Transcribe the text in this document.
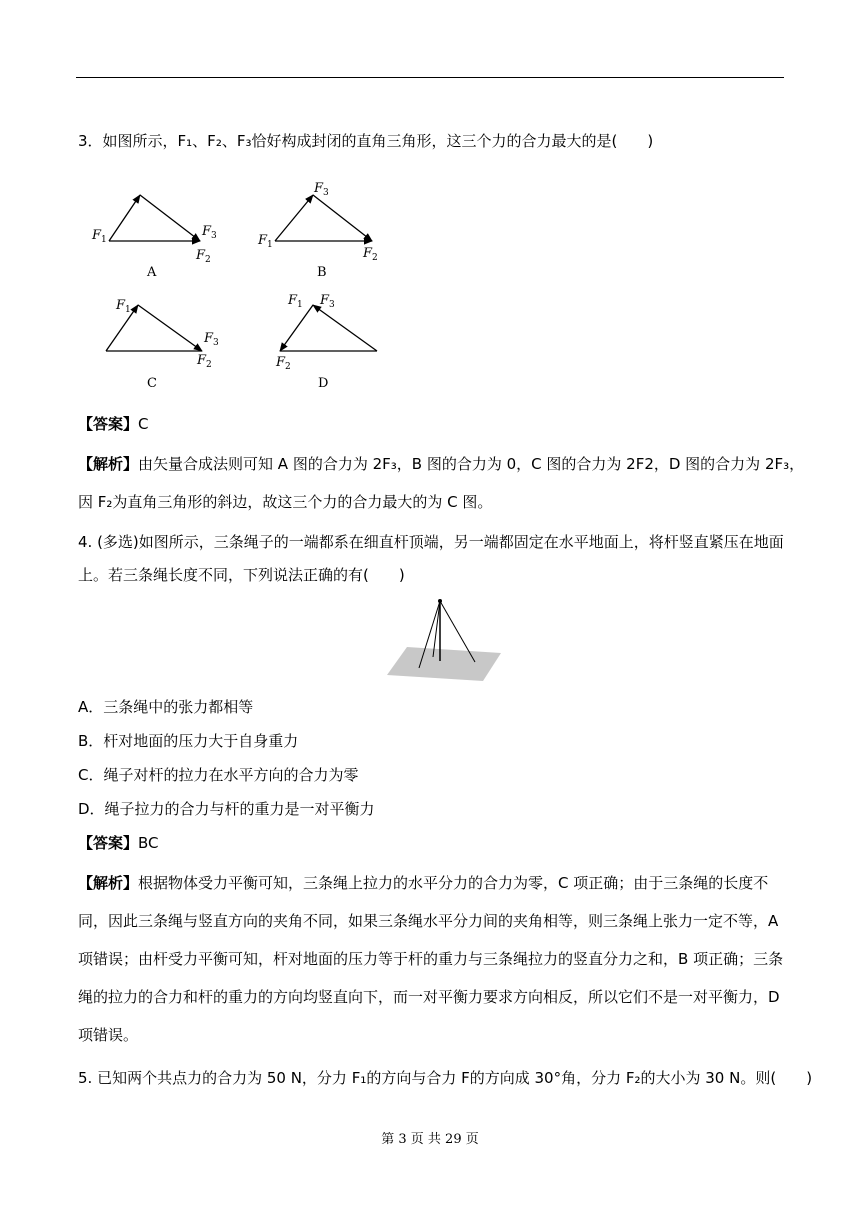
3．如图所示，F₁、F₂、F₃恰好构成封闭的直角三角形，这三个力的合力最大的是(　　)
$F_1$
$F_3$
$F_2$
A
$F_3$
$F_1$
$F_2$
B
$F_1$
$F_3$
$F_2$
C
$F_1$ $F_3$
$F_2$
D
【答案】C
【解析】由矢量合成法则可知 A 图的合力为 2F₃，B 图的合力为 0，C 图的合力为 2F2，D 图的合力为 2F₃，
因 F₂为直角三角形的斜边，故这三个力的合力最大的为 C 图。
4. (多选)如图所示，三条绳子的一端都系在细直杆顶端，另一端都固定在水平地面上，将杆竖直紧压在地面
上。若三条绳长度不同，下列说法正确的有(　　)
A．三条绳中的张力都相等
B．杆对地面的压力大于自身重力
C．绳子对杆的拉力在水平方向的合力为零
D．绳子拉力的合力与杆的重力是一对平衡力
【答案】BC
【解析】根据物体受力平衡可知，三条绳上拉力的水平分力的合力为零，C 项正确；由于三条绳的长度不
同，因此三条绳与竖直方向的夹角不同，如果三条绳水平分力间的夹角相等，则三条绳上张力一定不等，A
项错误；由杆受力平衡可知，杆对地面的压力等于杆的重力与三条绳拉力的竖直分力之和，B 项正确；三条
绳的拉力的合力和杆的重力的方向均竖直向下，而一对平衡力要求方向相反，所以它们不是一对平衡力，D
项错误。
5. 已知两个共点力的合力为 50 N，分力 F₁的方向与合力 F的方向成 30°角，分力 F₂的大小为 30 N。则(　　)
第 3 页 共 29 页
